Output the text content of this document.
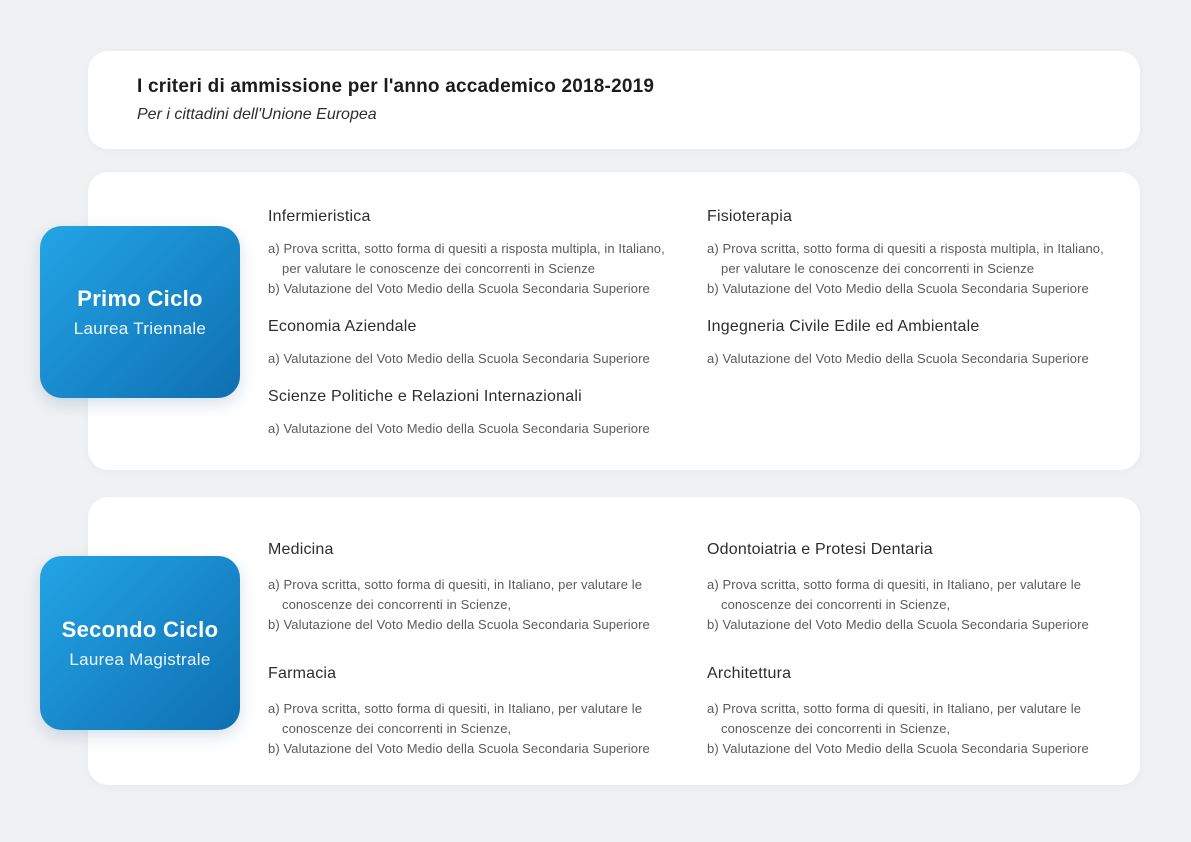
I criteri di ammissione per l'anno accademico 2018-2019

Per i cittadini dell'Unione Europea

Infermieristica
a) Prova scritta, sotto forma di quesiti a risposta multipla, in Italiano,
per valutare le conoscenze dei concorrenti in Scienze
b) Valutazione del Voto Medio della Scuola Secondaria Superiore
Economia Aziendale
a) Valutazione del Voto Medio della Scuola Secondaria Superiore
Scienze Politiche e Relazioni Internazionali
a) Valutazione del Voto Medio della Scuola Secondaria Superiore
Fisioterapia
a) Prova scritta, sotto forma di quesiti a risposta multipla, in Italiano,
per valutare le conoscenze dei concorrenti in Scienze
b) Valutazione del Voto Medio della Scuola Secondaria Superiore
Ingegneria Civile Edile ed Ambientale
a) Valutazione del Voto Medio della Scuola Secondaria Superiore
Primo Ciclo
Laurea Triennale
Medicina
a) Prova scritta, sotto forma di quesiti, in Italiano, per valutare le
conoscenze dei concorrenti in Scienze,
b) Valutazione del Voto Medio della Scuola Secondaria Superiore
Farmacia
a) Prova scritta, sotto forma di quesiti, in Italiano, per valutare le
conoscenze dei concorrenti in Scienze,
b) Valutazione del Voto Medio della Scuola Secondaria Superiore
Odontoiatria e Protesi Dentaria
a) Prova scritta, sotto forma di quesiti, in Italiano, per valutare le
conoscenze dei concorrenti in Scienze,
b) Valutazione del Voto Medio della Scuola Secondaria Superiore
Architettura
a) Prova scritta, sotto forma di quesiti, in Italiano, per valutare le
conoscenze dei concorrenti in Scienze,
b) Valutazione del Voto Medio della Scuola Secondaria Superiore
Secondo Ciclo
Laurea Magistrale
